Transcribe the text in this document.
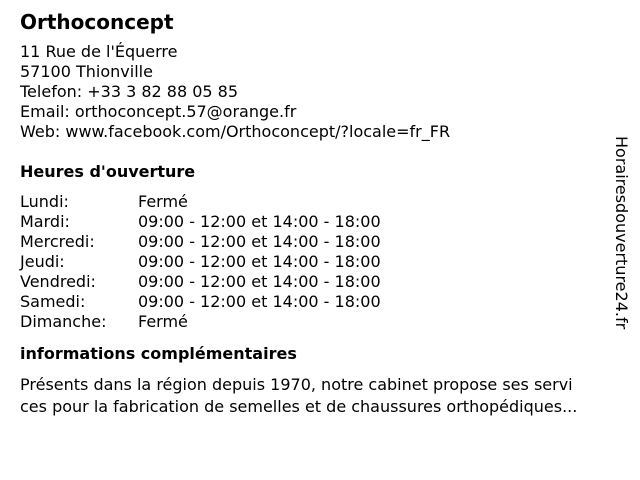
Orthoconcept
11 Rue de l'Équerre
57100 Thionville
Telefon: +33 3 82 88 05 85
Email: orthoconcept.57@orange.fr
Web: www.facebook.com/Orthoconcept/?locale=fr_FR
Heures d'ouverture
Lundi:	Fermé
Mardi:	09:00 - 12:00 et 14:00 - 18:00
Mercredi:	09:00 - 12:00 et 14:00 - 18:00
Jeudi:	09:00 - 12:00 et 14:00 - 18:00
Vendredi:	09:00 - 12:00 et 14:00 - 18:00
Samedi:	09:00 - 12:00 et 14:00 - 18:00
Dimanche:	Fermé
informations complémentaires
Présents dans la région depuis 1970, notre cabinet propose ses servi
ces pour la fabrication de semelles et de chaussures orthopédiques...
Horairesdouverture24.fr
